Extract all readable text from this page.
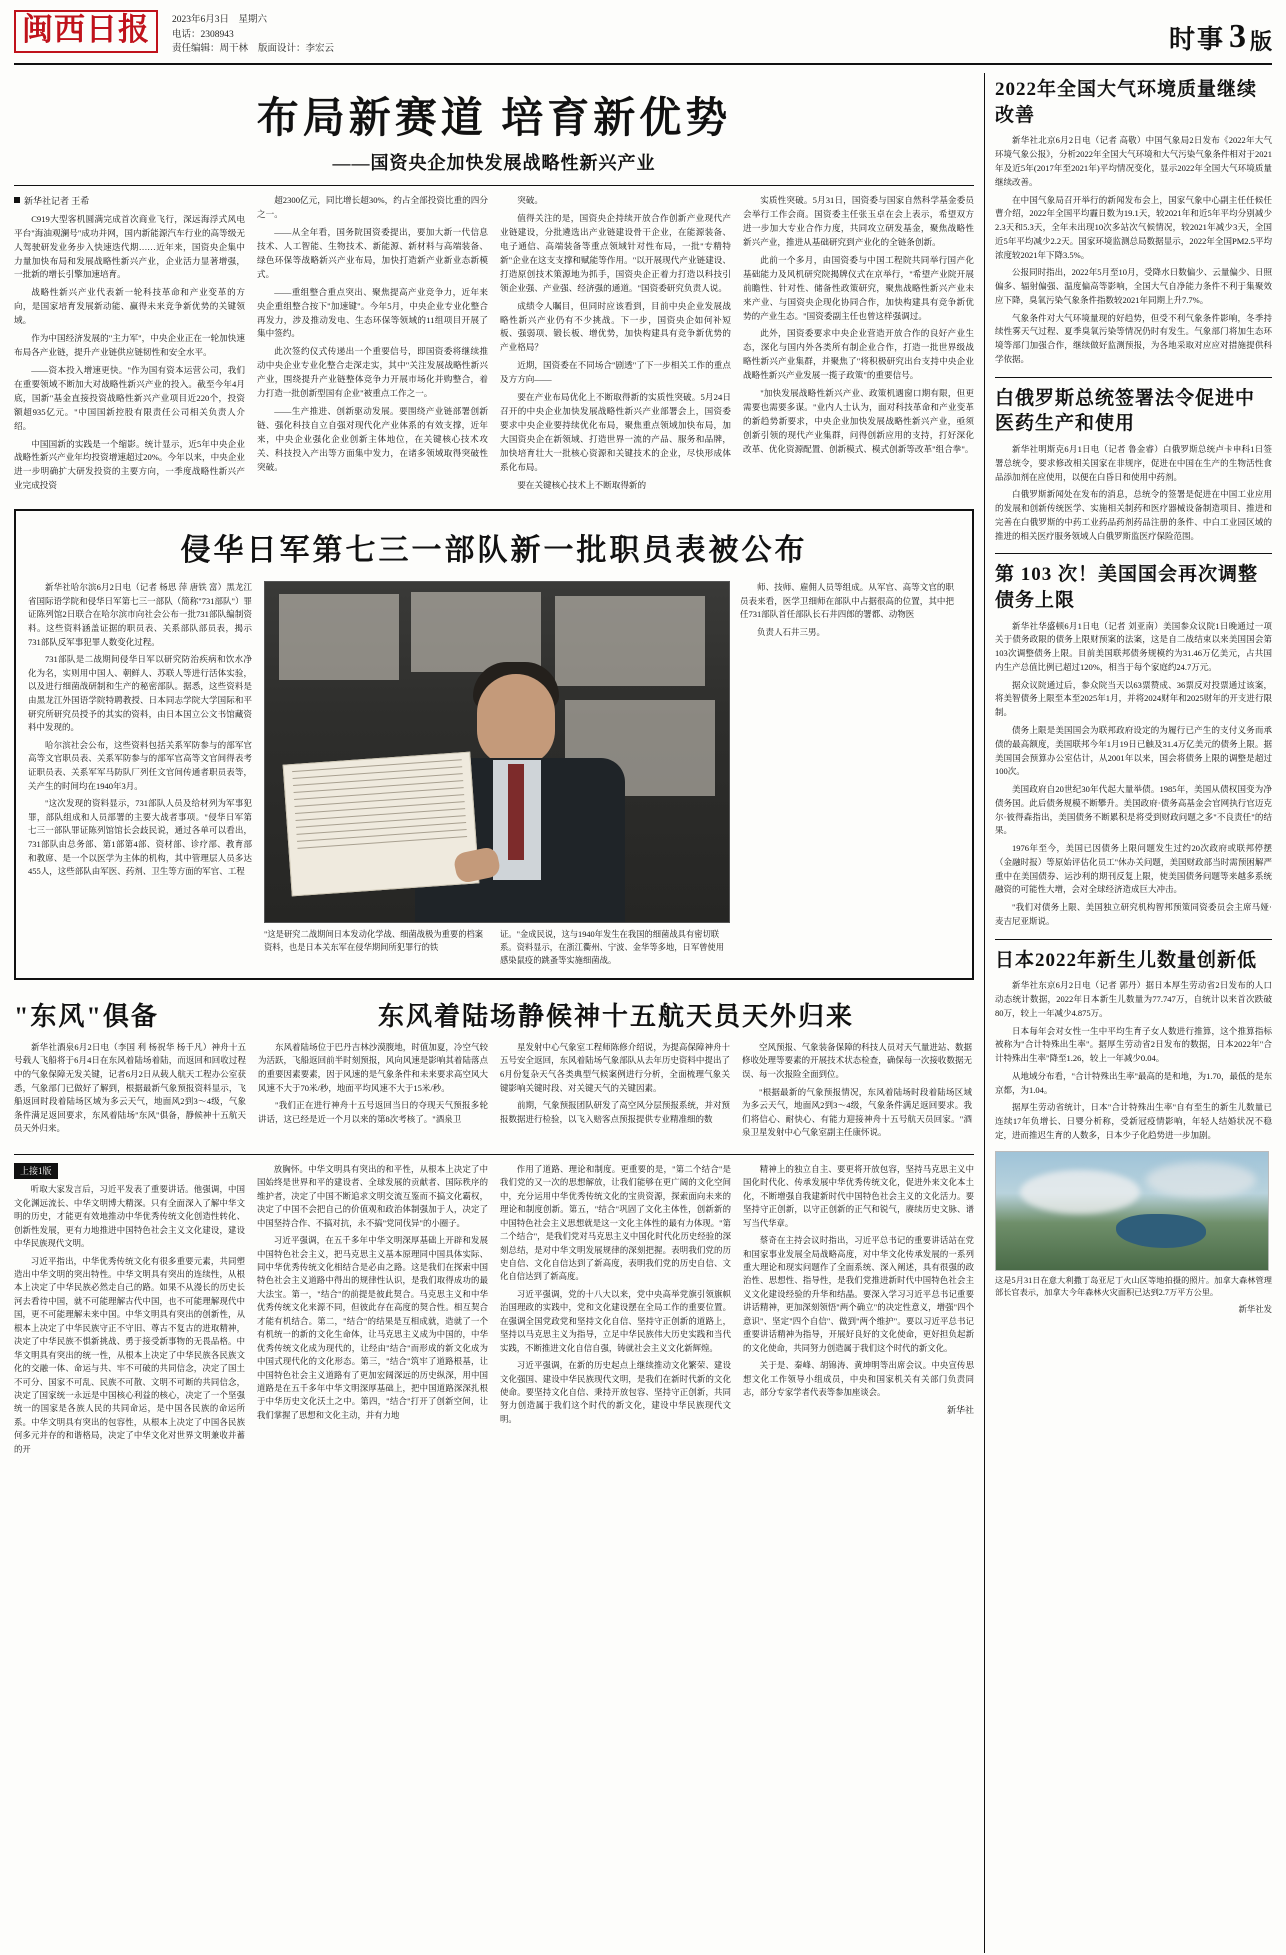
闽西日报	2023年6月3日　星期六
电话：2308943
责任编辑：周干林 版面设计：李宏云	时事 3 版
布局新赛道 培育新优势
——国资央企加快发展战略性新兴产业
新华社记者 王希

C919大型客机圆满完成首次商业飞行，深远海浮式风电平台"海油观澜号"成功并网，国内新能源汽车行业的高等级无人驾驶研发业务步入快速迭代期……近年来，国资央企集中力量加快布局和发展战略性新兴产业，企业活力显著增强，一批新的增长引擎加速培育。

战略性新兴产业代表新一轮科技革命和产业变革的方向，是国家培育发展新动能、赢得未来竞争新优势的关键领域。

作为中国经济发展的"主力军"，中央企业正在一轮加快速布局各产业链，提升产业链供应链韧性和安全水平。

——资本投入增速更快。"作为国有资本运营公司，我们在重要领域不断加大对战略性新兴产业的投入。截至今年4月底，国新"基金直接投资战略性新兴产业项目近220个，投资额超935亿元。"中国国新控股有限责任公司相关负责人介绍。

中国国新的实践是一个缩影。统计显示，近5年中央企业战略性新兴产业年均投资增速超过20%。今年以来，中央企业进一步明确扩大研发投资的主要方向，一季度战略性新兴产业完成投资

超2300亿元，同比增长超30%，约占全部投资比重的四分之一。

——从全年看，国务院国资委提出，要加大新一代信息技术、人工智能、生物技术、新能源、新材料与高端装备、绿色环保等战略新兴产业布局，加快打造新产业新业态新模式。

——重组整合重点突出、聚焦提高产业竞争力，近年来央企重组整合按下"加速键"。今年5月，中央企业专业化整合再发力，涉及推动发电、生态环保等领域的11组项目开展了集中签约。

此次签约仪式传递出一个重要信号，即国资委将继续推动中央企业专业化整合走深走实，其中"关注发展战略性新兴产业，围绕提升产业链整体竞争力开展市场化并购整合，着力打造一批创新型国有企业"被重点工作之一。

——生产推进、创新驱动发展。要围绕产业链部署创新链、强化科技自立自强对现代化产业体系的有效支撑，近年来，中央企业强化企业创新主体地位，在关键核心技术攻关、科技投入产出等方面集中发力，在诸多领域取得突破性突破。

突破。

值得关注的是，国资央企持续开放合作创新产业现代产业链建设，分批遴选出产业链建设骨干企业，在能源装备、电子通信、高端装备等重点领域针对性布局，一批"专精特新"企业在这支支撑和赋能等作用。"以开展现代产业链建设、打造原创技术策源地为抓手，国资央企正着力打造以科技引领企业强、产业强、经济强的通道。"国资委研究负责人说。

成绩令人瞩目，但同时应该看到，目前中央企业发展战略性新兴产业仍有不少挑战。下一步，国资央企如何补短板、强弱项、锻长板、增优势，加快构建具有竞争新优势的产业格局？

近期，国资委在不同场合"剧透"了下一步相关工作的重点及方方向——

要在产业布局优化上不断取得新的实质性突破。5月24日召开的中央企业加快发展战略性新兴产业部署会上，国资委要求中央企业要持续优化布局，聚焦重点领域加快布局，加大国资央企在新领域、打造世界一流的产品、服务和品牌，加快培育壮大一批核心资源和关键技术的企业，尽快形成体系化布局。

要在关键核心技术上不断取得新的

实质性突破。5月31日，国资委与国家自然科学基金委员会举行工作会商。国资委主任张玉卓在会上表示，希望双方进一步加大专业合作力度，共同攻立研发基金，聚焦战略性新兴产业，推进从基础研究到产业化的全链条创新。

此前一个多月，由国资委与中国工程院共同举行国产化基础能力及风机研究院揭牌仪式在京举行，"希望产业院开展前瞻性、针对性、储备性政策研究，聚焦战略性新兴产业未来产业、与国资央企现化协同合作，加快构建具有竞争新优势的产业生态。"国资委副主任也曾这样强调过。

此外，国资委要求中央企业营造开放合作的良好产业生态，深化与国内外各类所有制企业合作，打造一批世界级战略性新兴产业集群，并聚焦了"将积极研究出台支持中央企业战略性新兴产业发展一揽子政策"的重要信号。

"加快发展战略性新兴产业、政策机遇窗口期有限，但更需要也需要多谋。"业内人士认为，面对科技革命和产业变革的新趋势新要求，中央企业加快发展战略性新兴产业，亟须创新引领的现代产业集群，问得创新应用的支持，打好深化改革、优化资源配置、创新模式、模式创新等改革"组合拳"。

侵华日军第七三一部队新一批职员表被公布

新华社哈尔滨6月2日电（记者 杨思 萍 唐铁 富）黑龙江省国际语学院和侵华日军第七三一部队（简称"731部队"）罪证陈列馆2日联合在哈尔滨市向社会公布一批731部队编制资料。这些资料涵盖证据的职员表、关系部队部员表，揭示731部队反军事犯罪人数变化过程。

731部队是二战期间侵华日军以研究防治疾病和饮水净化为名，实则用中国人、朝鲜人、苏联人等进行活体实验，以及进行细菌战研制和生产的秘密部队。据悉，这些资料是由黑龙江外国语学院特聘教授、日本同志学院大学国际和平研究所研究员授予的其实的资料，由日本国立公文书馆藏资料中发现的。

哈尔滨社会公布，这些资料包括关系军防参与的部军官高等文官职员表、关系军防参与的部军官高等文官间得表考证职员表、关系军军马防队厂列任文官间传通者职员表等，关产生的时间均在1940年3月。

"这次发现的资料显示，731部队人员及给材列为军事犯罪，部队组成和人员部署的主要大战者事项。"侵华日军第七三一部队罪证陈列馆馆长会歧民说，通过各单可以看出，731部队由总务部、第1部第4部、资材部、诊疗部、教育部和教席、是一个以医学为主体的机构，其中管理层人员多达455人，这些部队由军医、药剂、卫生等方面的军官、工程

"这是研究二战期间日本发动化学战、细菌战极为重要的档案资料，也是日本关东军在侵华期间所犯罪行的铁
证。"金成民说，这与1940年发生在我国的细菌战具有密切联系。资料显示，在浙江衢州、宁波、金华等多地，日军曾使用感染鼠疫的跳蚤等实施细菌战。

师、技师、雇佣人员等组成。从军官、高等文官的职员表来看，医学卫细师在部队中占据很高的位置，其中把任731部队首任部队长石井四郎的署都、动物医

负责人石井三男。

"东风"俱备

新华社酒泉6月2日电（李国 利 杨祝华 杨千凡）神舟十五号载人飞船将于6月4日在东风着陆场着陆，而返回和回收过程中的气象保障无发关键，记者6月2日从载人航天工程办公室获悉，气象部门已做好了解到，根据最新气象预报资料显示，飞船返回时段着陆场区域为多云天气，地面风2到3～4级，气象条件满足返回要求，东风着陆场"东风"俱备，静候神十五航天员天外归来。

东风着陆场静候神十五航天员天外归来

东风着陆场位于巴丹吉林沙漠腹地，时值加夏，冷空气较为活跃，飞船返回前半时刻预报，风向风速是影响其着陆落点的重要因素要素，因于风速的是气象条件和未来要求高空风大风速不大于70米/秒，地面平均风速不大于15米/秒。

"我们正在进行神舟十五号返回当日的夺现天气预报多轮讲话，这已经是近一个月以来的第8次考核了。"酒泉卫

星发射中心气象室工程师陈修介绍说，为提高保障神舟十五号安全返回，东风着陆场气象部队从去年历史资料中提出了6月份复杂天气各类典型气候案例进行分析，全面梳理气象关键影响关键时段、对关键天气的关键因素。

前期，气象预报团队研发了高空风分层预报系统，并对预报数据进行检验，以飞入赔客点预报提供专业精准细的数

空风预报、气象装备保障的科技人员对天气量进站、数据修收处理等要素的开展技术状态检查，确保每一次接收数据无误、每一次报险全面到位。

"根据最新的气象预报情况，东风着陆场时段着陆场区域为多云天气，地面风2到3～4级，气象条件满足返回要求。我们将信心、耐快心、有能力迎接神舟十五号航天员回家。"酒泉卫星发射中心气象室副主任康怀说。

上接1版

听取大家发言后，习近平发表了重要讲话。他强调，中国文化渊远流长、中华文明博大精深。只有全面深入了解中华文明的历史，才能更有效地推动中华优秀传统文化创造性转化、创新性发展，更有力地推进中国特色社会主义文化建设，建设中华民族现代文明。

习近平指出，中华优秀传统文化有很多重要元素，共同塑造出中华文明的突出特性。中华文明具有突出的连续性，从根本上决定了中华民族必然走自己的路。如果不从漫长的历史长河去看待中国，就不可能理解古代中国，也不可能理解现代中国，更不可能理解未来中国。中华文明具有突出的创新性，从根本上决定了中华民族守正不守旧、尊古不复古的进取精神，决定了中华民族不惧新挑战、勇于接受新事物的无畏品格。中华文明具有突出的统一性，从根本上决定了中华民族各民族文化的交融一体、命运与共、牢不可破的共同信念，决定了国土不可分、国家不可乱、民族不可散、文明不可断的共同信念，决定了国家统一永远是中国核心利益的核心，决定了一个坚强统一的国家是各族人民的共同命运，是中国各民族的命运所系。中华文明具有突出的包容性，从根本上决定了中国各民族何多元并存的和谐格局，决定了中华文化对世界文明兼收并蓄的开

放胸怀。中华文明具有突出的和平性，从根本上决定了中国始终是世界和平的建设者、全球发展的贡献者、国际秩序的维护者，决定了中国不断追求文明交流互鉴而不搞文化霸权，决定了中国不会把自己的价值观和政治体制强加于人，决定了中国坚持合作、不搞对抗，永不搞"党同伐异"的小圈子。

习近平强调，在五千多年中华文明深厚基础上开辟和发展中国特色社会主义，把马克思主义基本原理同中国具体实际、同中华优秀传统文化相结合是必由之路。这是我们在探索中国特色社会主义道路中得出的规律性认识，是我们取得成功的最大法宝。第一，"结合"的前提是彼此契合。马克思主义和中华优秀传统文化来源不同，但彼此存在高度的契合性。相互契合才能有机结合。第二，"结合"的结果是互相成就，造就了一个有机统一的新的文化生命体，让马克思主义成为中国的，中华优秀传统文化成为现代的，让经由"结合"而形成的新文化成为中国式现代化的文化形态。第三，"结合"筑牢了道路根基，让中国特色社会主义道路有了更加宏阔深远的历史纵深，用中国道路是在五千多年中华文明深厚基础上，把中国道路深深扎根于中华历史文化沃土之中。第四，"结合"打开了创新空间，让我们掌握了思想和文化主动，并有力地

作用了道路、理论和制度。更重要的是，"第二个结合"是我们党的又一次的思想解放，让我们能够在更广阔的文化空间中，充分运用中华优秀传统文化的宝贵资源，探索面向未来的理论和制度创新。第五，"结合"巩固了文化主体性，创新新的中国特色社会主义思想就是这一文化主体性的最有力体现。"第二个结合"，是我们党对马克思主义中国化时代化历史经验的深刻总结，是对中华文明发展规律的深刻把握。表明我们党的历史自信、文化自信达到了新高度，表明我们党的历史自信、文化自信达到了新高度。

习近平强调，党的十八大以来，党中央高举党旗引领旗帜治国理政的实践中，党和文化建设摆在全局工作的重要位置。在强调全国党政党和坚持文化自信、坚持守正创新的道路上，坚持以马克思主义为指导，立足中华民族伟大历史实践和当代实践，不断推进文化自信自强，铸就社会主义文化新辉煌。

习近平强调，在新的历史起点上继续推动文化繁荣、建设文化强国、建设中华民族现代文明，是我们在新时代新的文化使命。要坚持文化自信、秉持开放包容、坚持守正创新，共同努力创造属于我们这个时代的新文化，建设中华民族现代文明。

精神上的独立自主、要更将开放包容，坚持马克思主义中国化时代化、传承发展中华优秀传统文化，促进外来文化本土化，不断增强自我建新时代中国特色社会主义的文化活力。要坚持守正创新，以守正创新的正气和锐气，赓续历史文脉、谱写当代华章。

蔡奇在主持会议时指出，习近平总书记的重要讲话站在党和国家事业发展全局战略高度，对中华文化传承发展的一系列重大理论和现实问题作了全面系统、深入阐述，具有很强的政治性、思想性、指导性，是我们党推进新时代中国特色社会主义文化建设经验的升华和结晶。要深入学习习近平总书记重要讲话精神，更加深刻领悟"两个确立"的决定性意义，增强"四个意识"、坚定"四个自信"、做到"两个维护"。要以习近平总书记重要讲话精神为指导，开展好良好的文化使命，更好担负起新的文化使命，共同努力创造属于我们这个时代的新文化。

关于是、秦峰、胡锦涛、黄坤明等出席会议。中央宣传思想文化工作领导小组成员，中央和国家机关有关部门负责同志，部分专家学者代表等参加座谈会。

新华社
2022年全国大气环境质量继续改善

新华社北京6月2日电（记者 高敬）中国气象局2日发布《2022年大气环境气象公报》，分析2022年全国大气环境和大气污染气象条件相对于2021年及近5年(2017年至2021年)平均情况变化，显示2022年全国大气环境质量继续改善。

在中国气象局召开举行的新闻发布会上，国家气象中心副主任任候任曹介绍，2022年全国平均霾日数为19.1天，较2021年和近5年平均分别减少2.3天和5.3天，全年未出现10次多站次气候情况，较2021年减少3天，全国近5年平均减少2.2天。国家环境监测总局数据显示，2022年全国PM2.5平均浓度较2021年下降3.5%。

公报同时指出，2022年5月至10月，受降水日数偏少、云量偏少、日照偏多、辐射偏强、温度偏高等影响，全国大气自净能力条件不利于集聚效应下降，臭氧污染气象条件指数较2021年同期上升7.7%。

气象条件对大气环境量现的好趋势，但受不利气象条件影响，冬季持续性雾天气过程、夏季臭氧污染等情况仍时有发生。气象部门将加生态环境等部门加强合作，继续做好监测预报，为各地采取对应应对措施提供科学依据。

白俄罗斯总统签署法令促进中医药生产和使用

新华社明斯克6月1日电（记者 鲁金睿）白俄罗斯总统卢卡申科1日签署总统令，要求修改相关国家在非规序，促进在中国在生产的生物活性食品添加剂在应使用，以便在白昏日和使用中药剂。

白俄罗斯新闻处在发布的消息，总统令的签署是促进在中国工业应用的发展和创新传统医学、实施相关制药和医疗器械设备制造项目、推进和完善在白俄罗斯的中药工业药品药剂药品注册的条件、中白工业园区域的推进的相关医疗服务领域人白俄罗斯监医疗保险范围。

第 103 次！美国国会再次调整债务上限

新华社华盛顿6月1日电（记者 刘亚南）美国参众议院1日晚通过一项关于债务政限的债务上限财预案的法案，这是自二战结束以来美国国会第103次调整债务上限。目前美国联邦债务规模约为31.46万亿美元，占共国内生产总值比例已超过120%，相当于每个家庭约24.7万元。

据众议院通过后，参众院当天以63票赞成、36票反对投票通过该案，将美智债务上限至本至2025年1月，并将2024财年和2025财年的开支进行限制。

债务上限是美国国会为联邦政府设定的为履行已产生的支付义务而承债的最高额度，美国联邦今年1月19日已触及31.4万亿美元的债务上限。据美国国会预算办公室估计，从2001年以来，国会将债务上限的调整是超过100次。

美国政府自20世纪30年代起大量举债。1985年，美国从债权国变为净债务国。此后债务规模不断攀升。美国政府·债务高基金会官网执行官迈克尔·彼得森指出，美国债务不断累积是将受到财政问题之多"不良责任"的结果。

1976年至今，美国已因债务上限问题发生过约20次政府或联邦停摆（金融时报）等原始评估化员工"休办关问题，美国财政部当时需预困解严重中在美国债券、运沙利的期刊反复上限，使美国债务问题等来越多系统融资的可能性大增，会对全球经济造成巨大冲击。

"我们对债务上限、美国独立研究机构智邦预策同资委员会主席马娅·麦吉尼亚斯说。

日本2022年新生儿数量创新低

新华社东京6月2日电（记者 郭丹）据日本厚生劳动省2日发布的人口动态统计数据，2022年日本新生儿数量为77.747万，自统计以来首次跌破80万，较上一年减少4.875万。

日本每年会对女性一生中平均生育子女人数进行推算，这个推算指标被称为"合计特殊出生率"。据厚生劳动省2日发布的数据，日本2022年"合计特殊出生率"降至1.26，较上一年减少0.04。

从地域分布看，"合计特殊出生率"最高的是和地，为1.70，最低的是东京都，为1.04。

据厚生劳动省统计，日本"合计特殊出生率"自有至生的新生儿数量已连续17年负增长、日婴分析称，受新冠疫情影响，年轻人结婚状况不稳定，进而推迟生育的人数多，日本少子化趋势进一步加剧。

这是5月31日在意大利撒丁岛亚尼丁火山区等地拍摄的照片。加拿大森林管理部长官表示，加拿大今年森林火灾面积已达到2.7万平方公里。
新华社发
